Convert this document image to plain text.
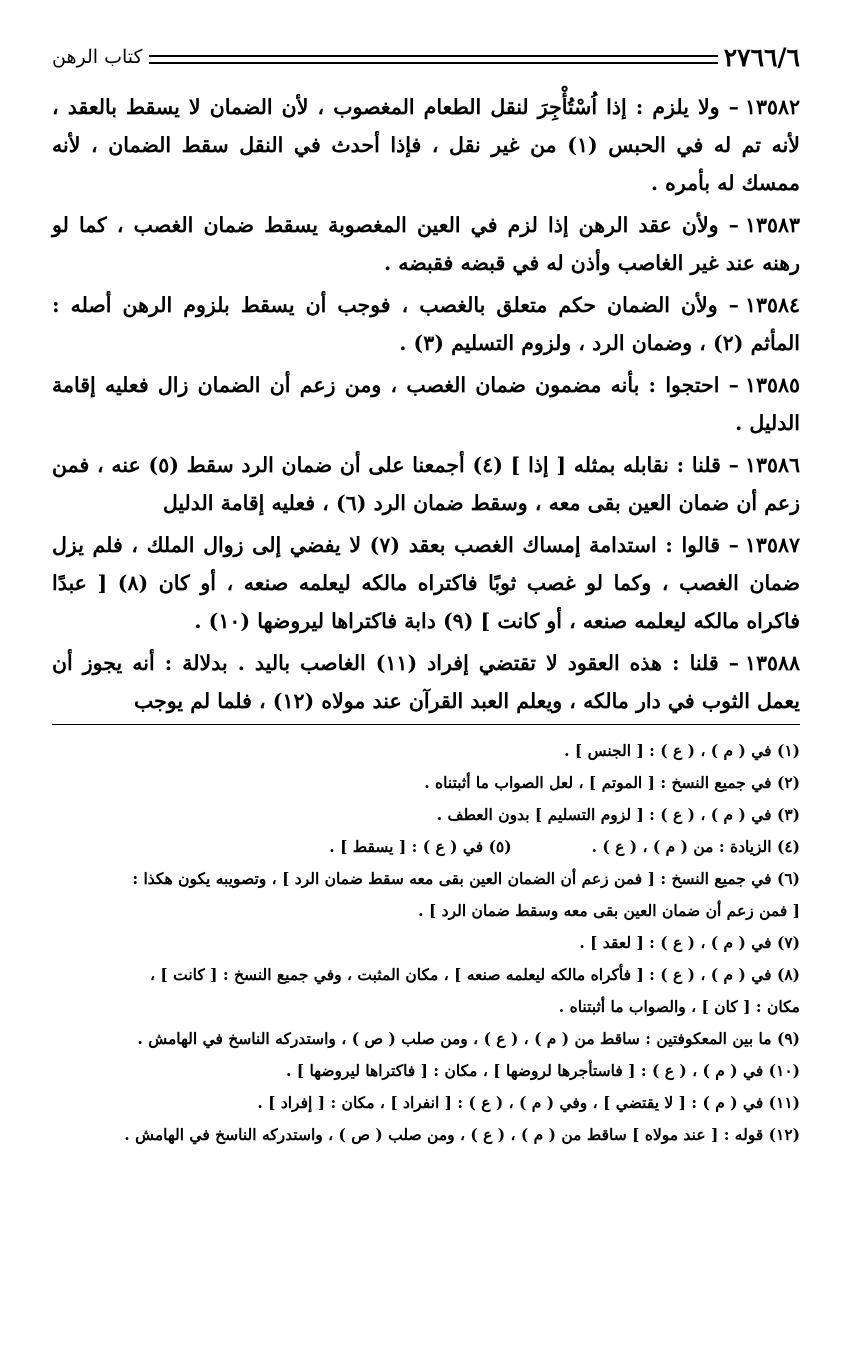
٢٧٦٦/٦
كتاب الرهن

١٣٥٨٢– ولا يلزم : إذا اُسْتُأْجِرَ لنقل الطعام المغصوب ، لأن الضمان لا يسقط بالعقد ، لأنه تم له في الحبس (١) من غير نقل ، فإذا أحدث في النقل سقط الضمان ، لأنه ممسك له بأمره .

١٣٥٨٣– ولأن عقد الرهن إذا لزم في العين المغصوبة يسقط ضمان الغصب ، كما لو رهنه عند غير الغاصب وأذن له في قبضه فقبضه .

١٣٥٨٤– ولأن الضمان حكم متعلق بالغصب ، فوجب أن يسقط بلزوم الرهن أصله : المأثم (٢) ، وضمان الرد ، ولزوم التسليم (٣) .

١٣٥٨٥– احتجوا : بأنه مضمون ضمان الغصب ، ومن زعم أن الضمان زال فعليه إقامة الدليل .

١٣٥٨٦– قلنا : نقابله بمثله [ إذا ] (٤) أجمعنا على أن ضمان الرد سقط (٥) عنه ، فمن زعم أن ضمان العين بقى معه ، وسقط ضمان الرد (٦) ، فعليه إقامة الدليل

١٣٥٨٧– قالوا : استدامة إمساك الغصب بعقد (٧) لا يفضي إلى زوال الملك ، فلم يزل ضمان الغصب ، وكما لو غصب ثوبًا فاكتراه مالكه ليعلمه صنعه ، أو كان (٨) [ عبدًا فاكراه مالكه ليعلمه صنعه ، أو كانت ] (٩) دابة فاكتراها ليروضها (١٠) .

١٣٥٨٨– قلنا : هذه العقود لا تقتضي إفراد (١١) الغاصب باليد . بدلالة : أنه يجوز أن يعمل الثوب في دار مالكه ، ويعلم العبد القرآن عند مولاه (١٢) ، فلما لم يوجب

(١) في ( م ) ، ( ع ) : [ الجنس ] .

(٢) في جميع النسخ : [ الموتم ] ، لعل الصواب ما أثبتناه .

(٣) في ( م ) ، ( ع ) : [ لزوم التسليم ] بدون العطف .

(٤) الزيادة : من ( م ) ، ( ع ) .

(٥) في ( ع ) : [ يسقط ] .

(٦) في جميع النسخ : [ فمن زعم أن الضمان العين بقى معه سقط ضمان الرد ] ، وتصويبه يكون هكذا :

[ فمن زعم أن ضمان العين بقى معه وسقط ضمان الرد ] .

(٧) في ( م ) ، ( ع ) : [ لعقد ] .

(٨) في ( م ) ، ( ع ) : [ فأكراه مالكه ليعلمه صنعه ] ، مكان المثبت ، وفي جميع النسخ : [ كانت ] ،

مكان : [ كان ] ، والصواب ما أثبتناه .

(٩) ما بين المعكوفتين : ساقط من ( م ) ، ( ع ) ، ومن صلب ( ص ) ، واستدركه الناسخ في الهامش .

(١٠) في ( م ) ، ( ع ) : [ فاستأجرها لروضها ] ، مكان : [ فاكتراها ليروضها ] .

(١١) في ( م ) : [ لا يقتضي ] ، وفي ( م ) ، ( ع ) : [ انفراد ] ، مكان : [ إفراد ] .

(١٢) قوله : [ عند مولاه ] ساقط من ( م ) ، ( ع ) ، ومن صلب ( ص ) ، واستدركه الناسخ في الهامش .
